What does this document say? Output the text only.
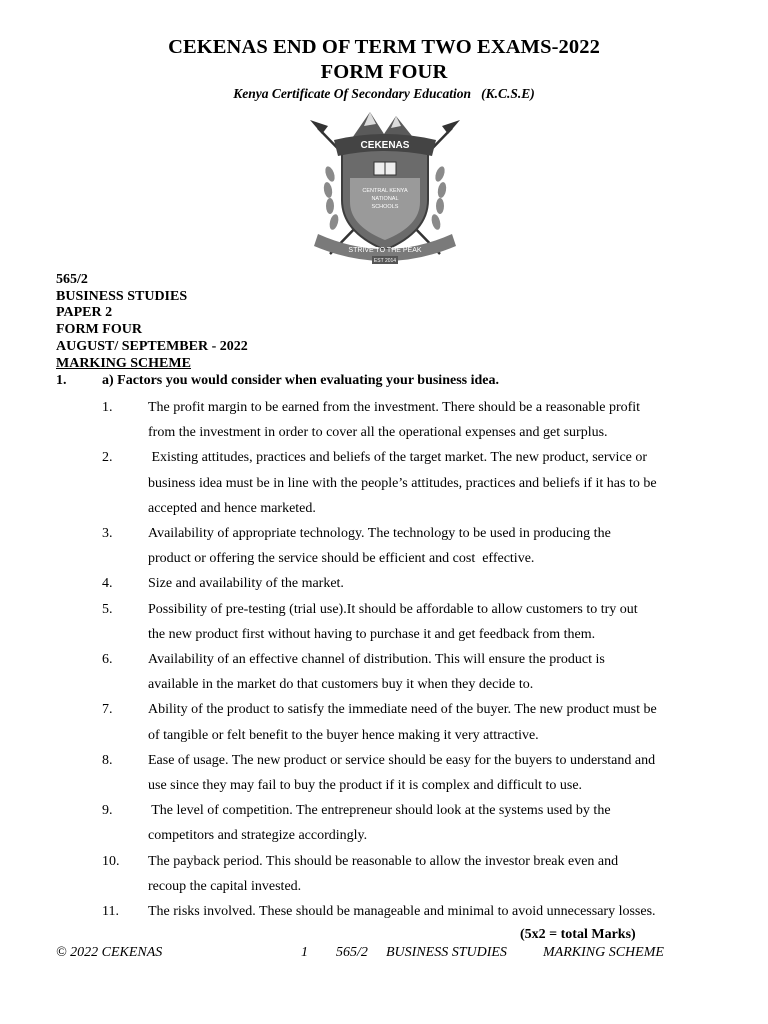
CEKENAS END OF TERM TWO EXAMS-2022
FORM FOUR
Kenya Certificate Of Secondary Education   (K.C.S.E)
CEKENAS
CENTRAL KENYA
NATIONAL
SCHOOLS
STRIVE TO THE PEAK
EST 2014
565/2
BUSINESS STUDIES
PAPER 2
FORM FOUR
AUGUST/ SEPTEMBER - 2022
MARKING SCHEME
1.	a) Factors you would consider when evaluating your business idea.
1.	The profit margin to be earned from the investment. There should be a reasonable profit
from the investment in order to cover all the operational expenses and get surplus.
2.	Existing attitudes, practices and beliefs of the target market. The new product, service or
business idea must be in line with the people’s attitudes, practices and beliefs if it has to be
accepted and hence marketed.
3.	Availability of appropriate technology. The technology to be used in producing the
product or offering the service should be efficient and cost  effective.
4.	Size and availability of the market.
5.	Possibility of pre-testing (trial use).It should be affordable to allow customers to try out
the new product first without having to purchase it and get feedback from them.
6.	Availability of an effective channel of distribution. This will ensure the product is
available in the market do that customers buy it when they decide to.
7.	Ability of the product to satisfy the immediate need of the buyer. The new product must be
of tangible or felt benefit to the buyer hence making it very attractive.
8.	Ease of usage. The new product or service should be easy for the buyers to understand and
use since they may fail to buy the product if it is complex and difficult to use.
9.	The level of competition. The entrepreneur should look at the systems used by the
competitors and strategize accordingly.
10.	The payback period. This should be reasonable to allow the investor break even and
recoup the capital invested.
11.	The risks involved. These should be manageable and minimal to avoid unnecessary losses.
(5x2 = total Marks)
© 2022 CEKENAS	1 565/2 BUSINESS STUDIES	MARKING SCHEME
